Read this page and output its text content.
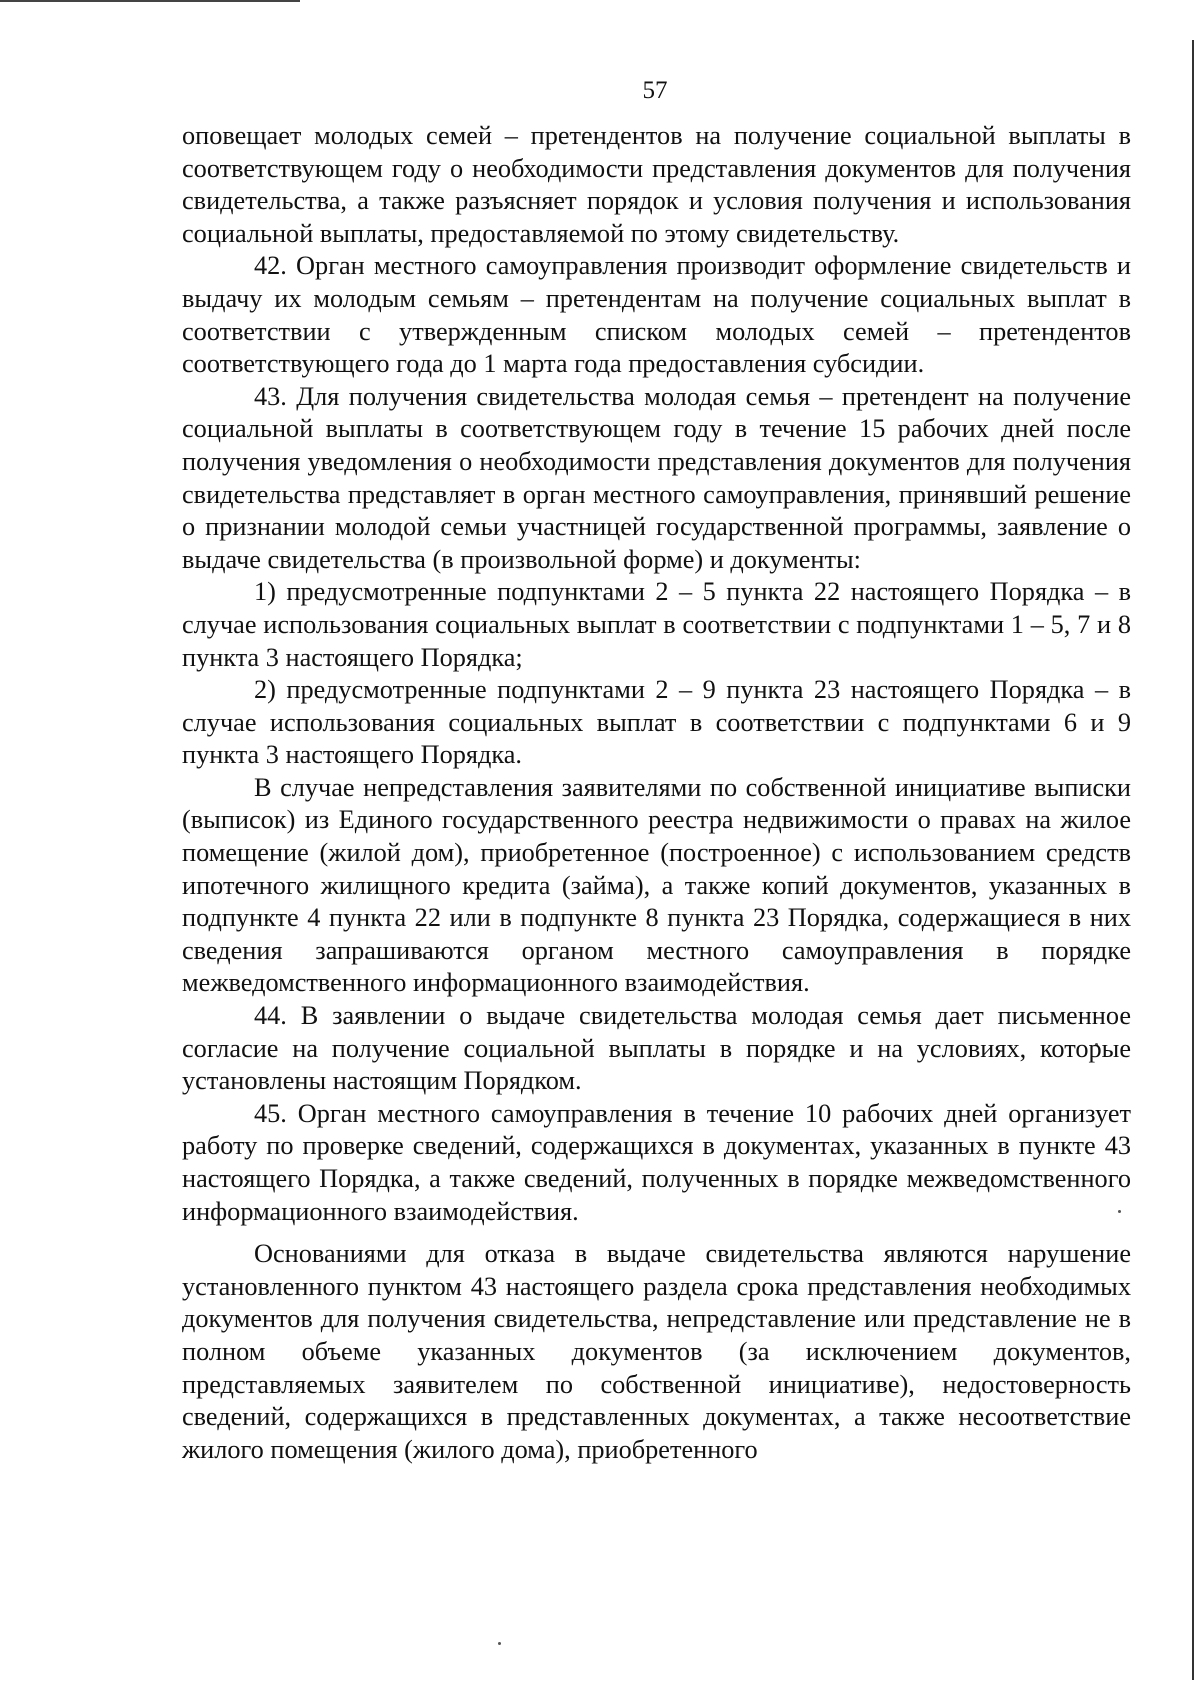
57

оповещает молодых семей – претендентов на получение социальной выплаты в соответствующем году о необходимости представления документов для получения свидетельства, а также разъясняет порядок и условия получения и использования социальной выплаты, предоставляемой по этому свидетельству.

42. Орган местного самоуправления производит оформление свидетельств и выдачу их молодым семьям – претендентам на получение социальных выплат в соответствии с утвержденным списком молодых семей – претендентов соответствующего года до 1 марта года предоставления субсидии.

43. Для получения свидетельства молодая семья – претендент на получение социальной выплаты в соответствующем году в течение 15 рабочих дней после получения уведомления о необходимости представления документов для получения свидетельства представляет в орган местного самоуправления, принявший решение о признании молодой семьи участницей государственной программы, заявление о выдаче свидетельства (в произвольной форме) и документы:

1) предусмотренные подпунктами 2 – 5 пункта 22 настоящего Порядка – в случае использования социальных выплат в соответствии с подпунктами 1 – 5, 7 и 8 пункта 3 настоящего Порядка;

2) предусмотренные подпунктами 2 – 9 пункта 23 настоящего Порядка – в случае использования социальных выплат в соответствии с подпунктами 6 и 9 пункта 3 настоящего Порядка.

В случае непредставления заявителями по собственной инициативе выписки (выписок) из Единого государственного реестра недвижимости о правах на жилое помещение (жилой дом), приобретенное (построенное) с использованием средств ипотечного жилищного кредита (займа), а также копий документов, указанных в подпункте 4 пункта 22 или в подпункте 8 пункта 23 Порядка, содержащиеся в них сведения запрашиваются органом местного самоуправления в порядке межведомственного информационного взаимодействия.

44. В заявлении о выдаче свидетельства молодая семья дает письменное согласие на получение социальной выплаты в порядке и на условиях, которые установлены настоящим Порядком.

45. Орган местного самоуправления в течение 10 рабочих дней организует работу по проверке сведений, содержащихся в документах, указанных в пункте 43 настоящего Порядка, а также сведений, полученных в порядке межведомственного информационного взаимодействия.

Основаниями для отказа в выдаче свидетельства являются нарушение установленного пунктом 43 настоящего раздела срока представления необходимых документов для получения свидетельства, непредставление или представление не в полном объеме указанных документов (за исключением документов, представляемых заявителем по собственной инициативе), недостоверность сведений, содержащихся в представленных документах, а также несоответствие жилого помещения (жилого дома), приобретенного
